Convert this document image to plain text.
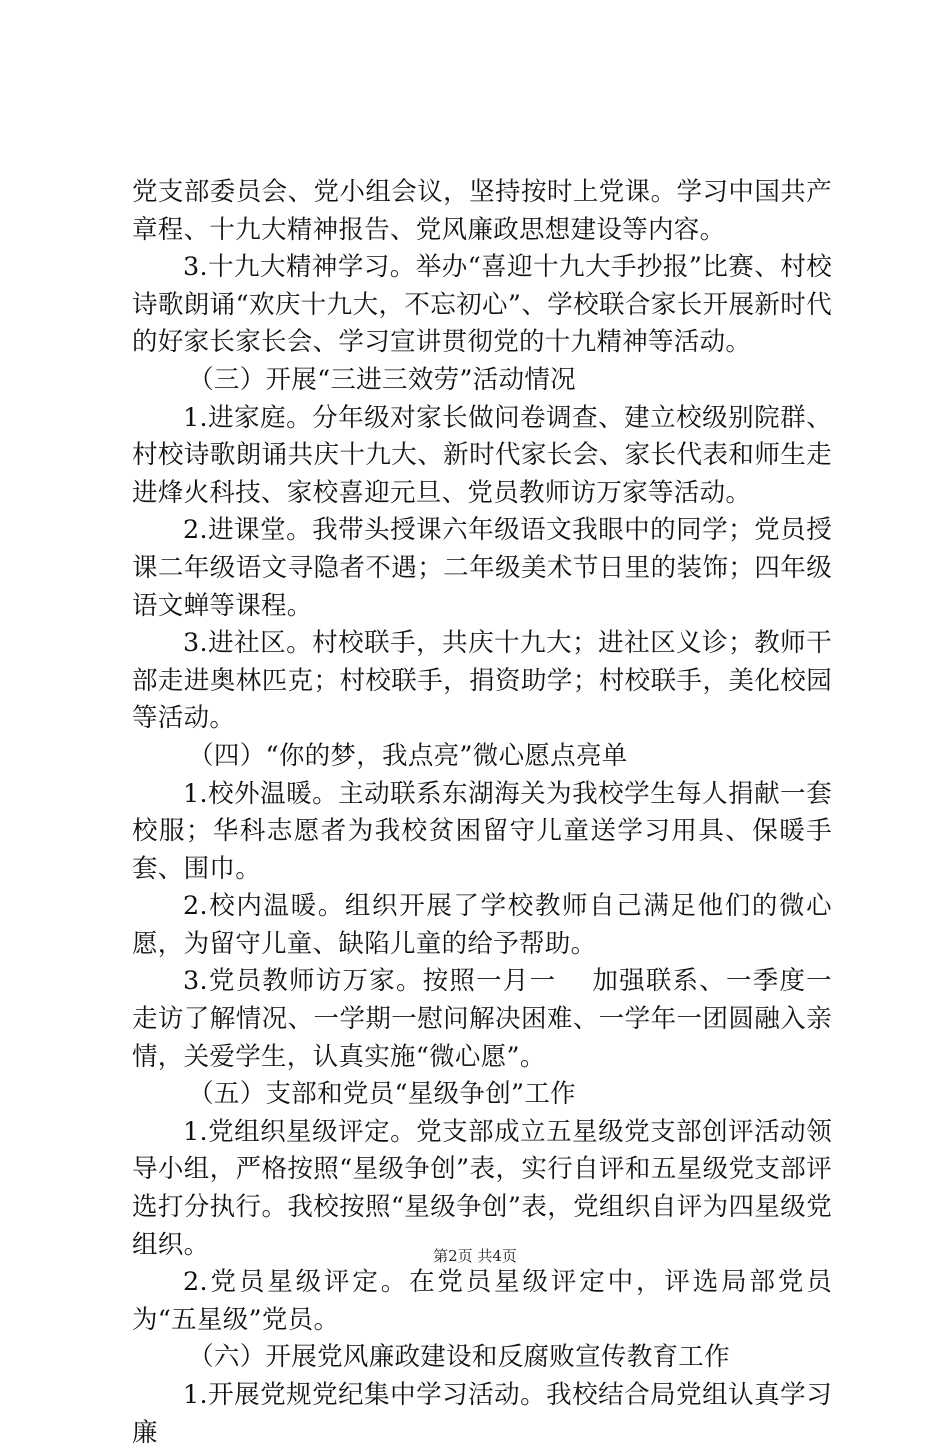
党支部委员会、党小组会议，坚持按时上党课。学习中国共产章程、十九大精神报告、党风廉政思想建设等内容。

3.十九大精神学习。举办“喜迎十九大手抄报”比赛、村校诗歌朗诵“欢庆十九大，不忘初心”、学校联合家长开展新时代的好家长家长会、学习宣讲贯彻党的十九精神等活动。

（三）开展“三进三效劳”活动情况

1.进家庭。分年级对家长做问卷调查、建立校级别院群、村校诗歌朗诵共庆十九大、新时代家长会、家长代表和师生走进烽火科技、家校喜迎元旦、党员教师访万家等活动。

2.进课堂。我带头授课六年级语文我眼中的同学；党员授课二年级语文寻隐者不遇；二年级美术节日里的装饰；四年级语文蝉等课程。

3.进社区。村校联手，共庆十九大；进社区义诊；教师干部走进奥林匹克；村校联手，捐资助学；村校联手，美化校园等活动。

（四）“你的梦，我点亮”微心愿点亮单

1.校外温暖。主动联系东湖海关为我校学生每人捐献一套校服；华科志愿者为我校贫困留守儿童送学习用具、保暖手套、围巾。

2.校内温暖。组织开展了学校教师自己满足他们的微心愿，为留守儿童、缺陷儿童的给予帮助。

3.党员教师访万家。按照一月一　 加强联系、一季度一走访了解情况、一学期一慰问解决困难、一学年一团圆融入亲情，关爱学生，认真实施“微心愿”。

（五）支部和党员“星级争创”工作

1.党组织星级评定。党支部成立五星级党支部创评活动领导小组，严格按照“星级争创”表，实行自评和五星级党支部评选打分执行。我校按照“星级争创”表，党组织自评为四星级党组织。

2.党员星级评定。在党员星级评定中，评选局部党员为“五星级”党员。

（六）开展党风廉政建设和反腐败宣传教育工作

1.开展党规党纪集中学习活动。我校结合局党组认真学习廉

第2页 共4页
